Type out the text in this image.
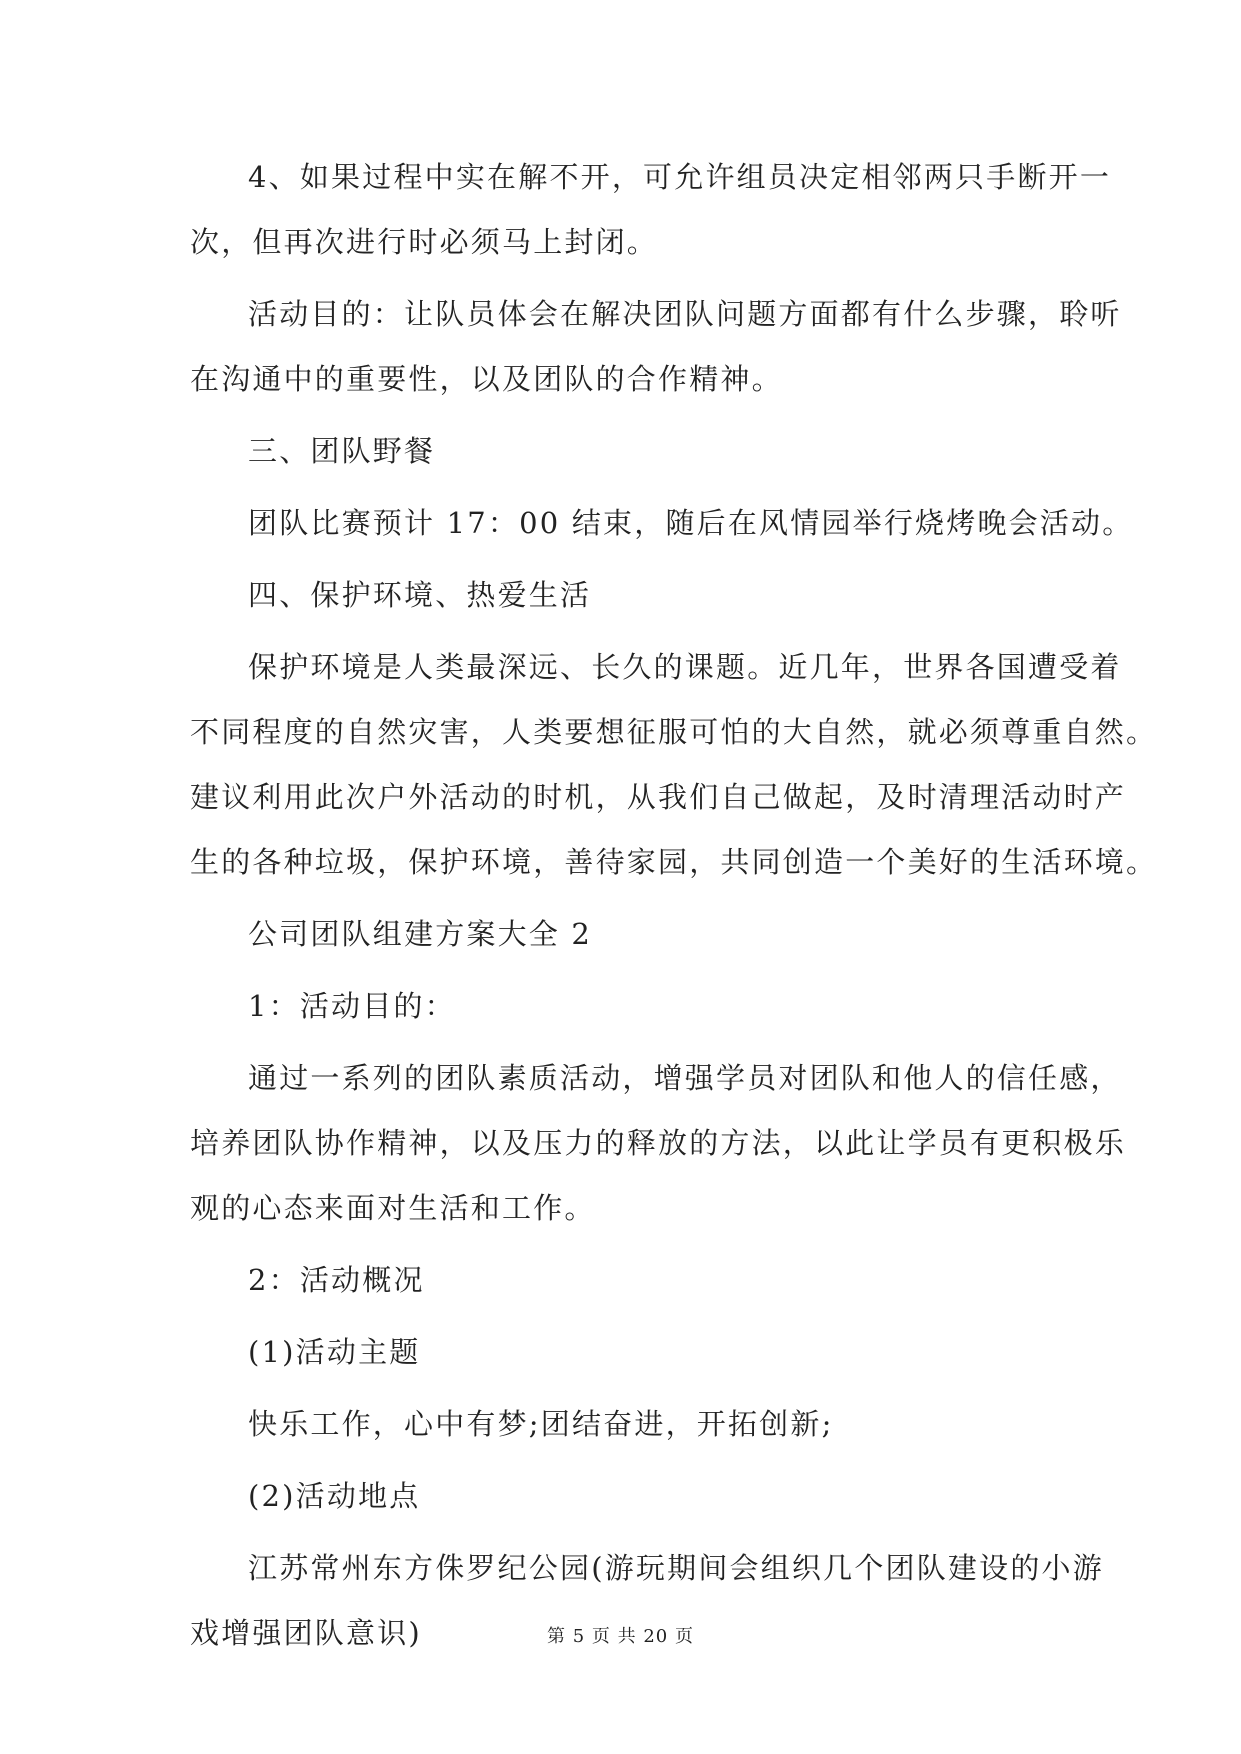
4、如果过程中实在解不开，可允许组员决定相邻两只手断开一
次，但再次进行时必须马上封闭。
活动目的：让队员体会在解决团队问题方面都有什么步骤，聆听
在沟通中的重要性，以及团队的合作精神。
三、团队野餐
团队比赛预计 17：00 结束，随后在风情园举行烧烤晚会活动。
四、保护环境、热爱生活
保护环境是人类最深远、长久的课题。近几年，世界各国遭受着
不同程度的自然灾害，人类要想征服可怕的大自然，就必须尊重自然。
建议利用此次户外活动的时机，从我们自己做起，及时清理活动时产
生的各种垃圾，保护环境，善待家园，共同创造一个美好的生活环境。
公司团队组建方案大全 2
1：活动目的：
通过一系列的团队素质活动，增强学员对团队和他人的信任感，
培养团队协作精神，以及压力的释放的方法，以此让学员有更积极乐
观的心态来面对生活和工作。
2：活动概况
(1)活动主题
快乐工作，心中有梦;团结奋进，开拓创新;
(2)活动地点
江苏常州东方侏罗纪公园(游玩期间会组织几个团队建设的小游
戏增强团队意识)	第 5 页 共 20 页
